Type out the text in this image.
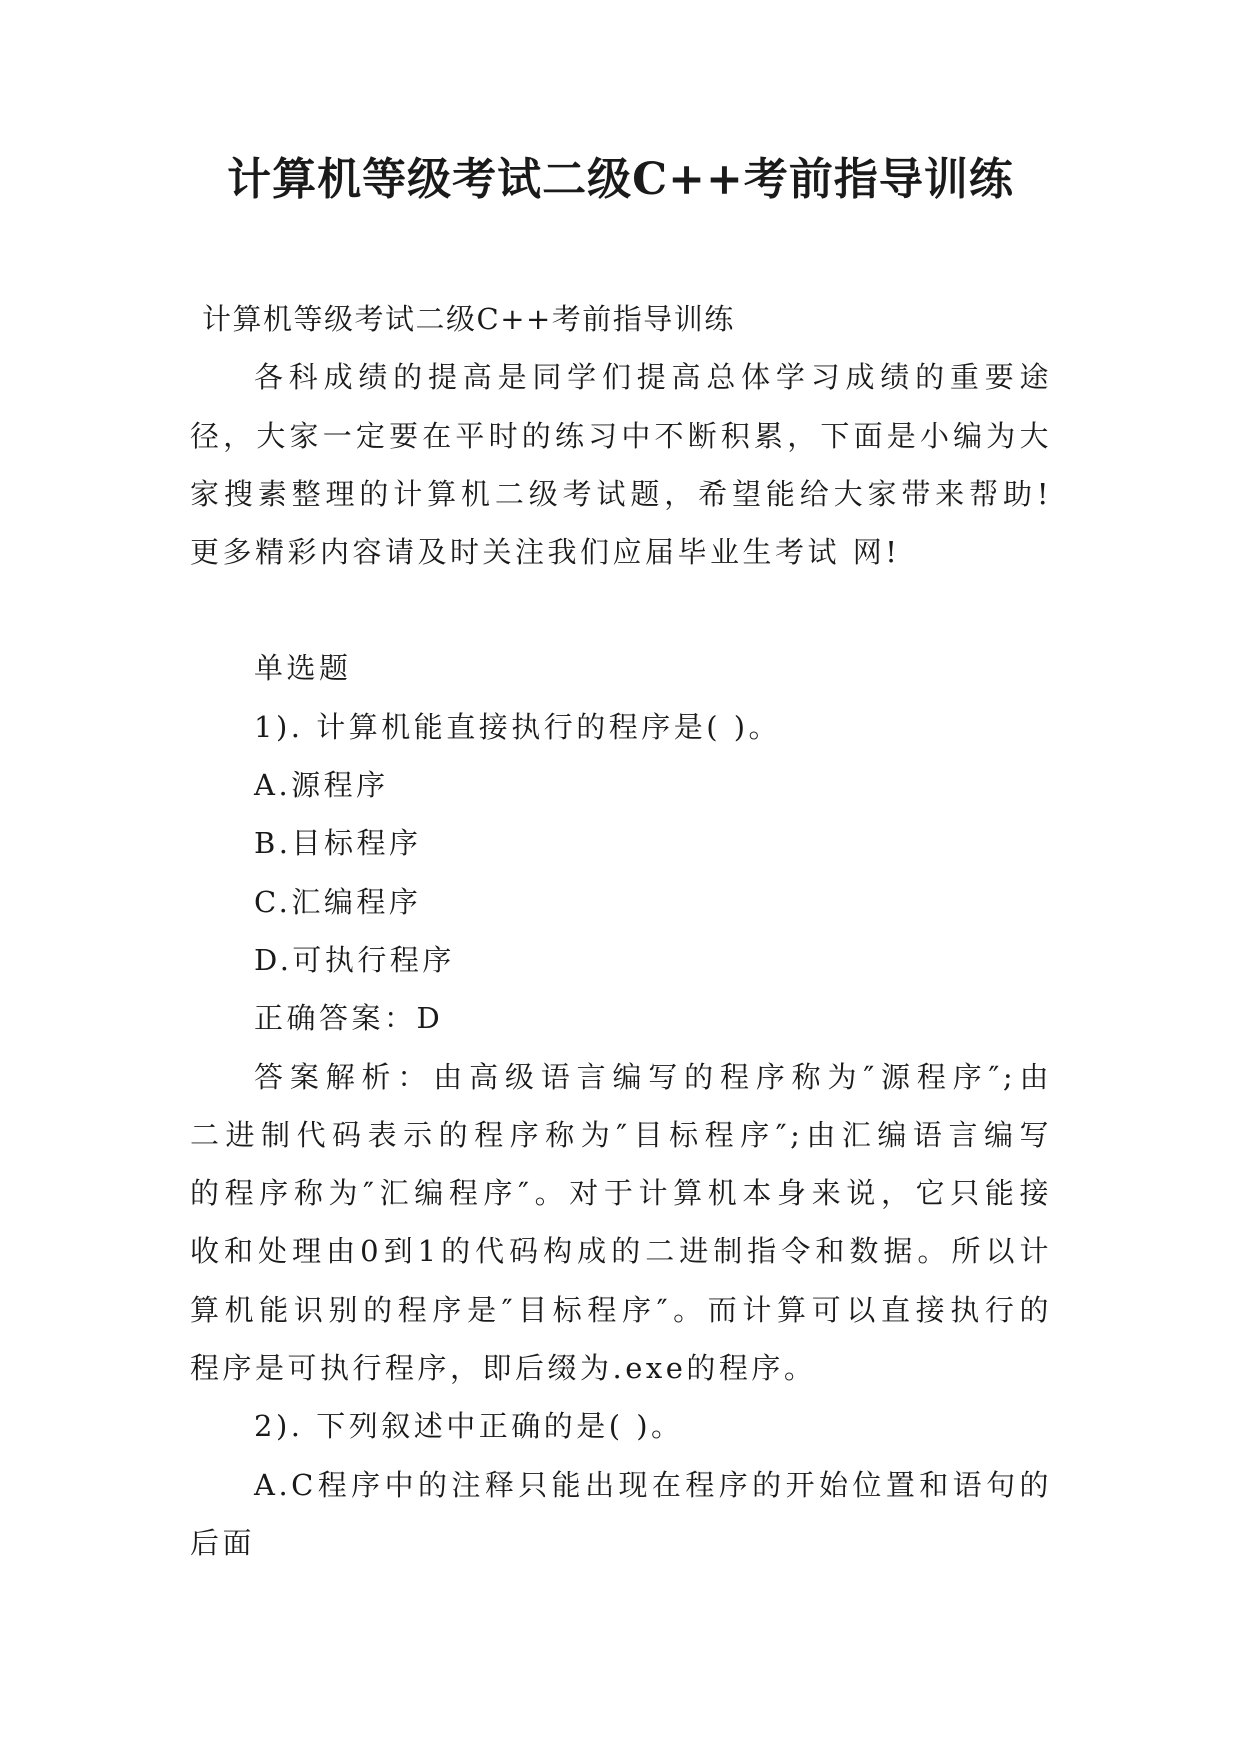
计算机等级考试二级C++考前指导训练
计算机等级考试二级C++考前指导训练
各科成绩的提高是同学们提高总体学习成绩的重要途
径，大家一定要在平时的练习中不断积累，下面是小编为大
家搜素整理的计算机二级考试题，希望能给大家带来帮助!
更多精彩内容请及时关注我们应届毕业生考试 网!
单选题
1). 计算机能直接执行的程序是( )。
A.源程序
B.目标程序
C.汇编程序
D.可执行程序
正确答案：D
答案解析：由高级语言编写的程序称为″源程序″;由
二进制代码表示的程序称为″目标程序″;由汇编语言编写
的程序称为″汇编程序″。对于计算机本身来说，它只能接
收和处理由0到1的代码构成的二进制指令和数据。所以计
算机能识别的程序是″目标程序″。而计算可以直接执行的
程序是可执行程序，即后缀为.exe的程序。
2). 下列叙述中正确的是( )。
A.C程序中的注释只能出现在程序的开始位置和语句的
后面
